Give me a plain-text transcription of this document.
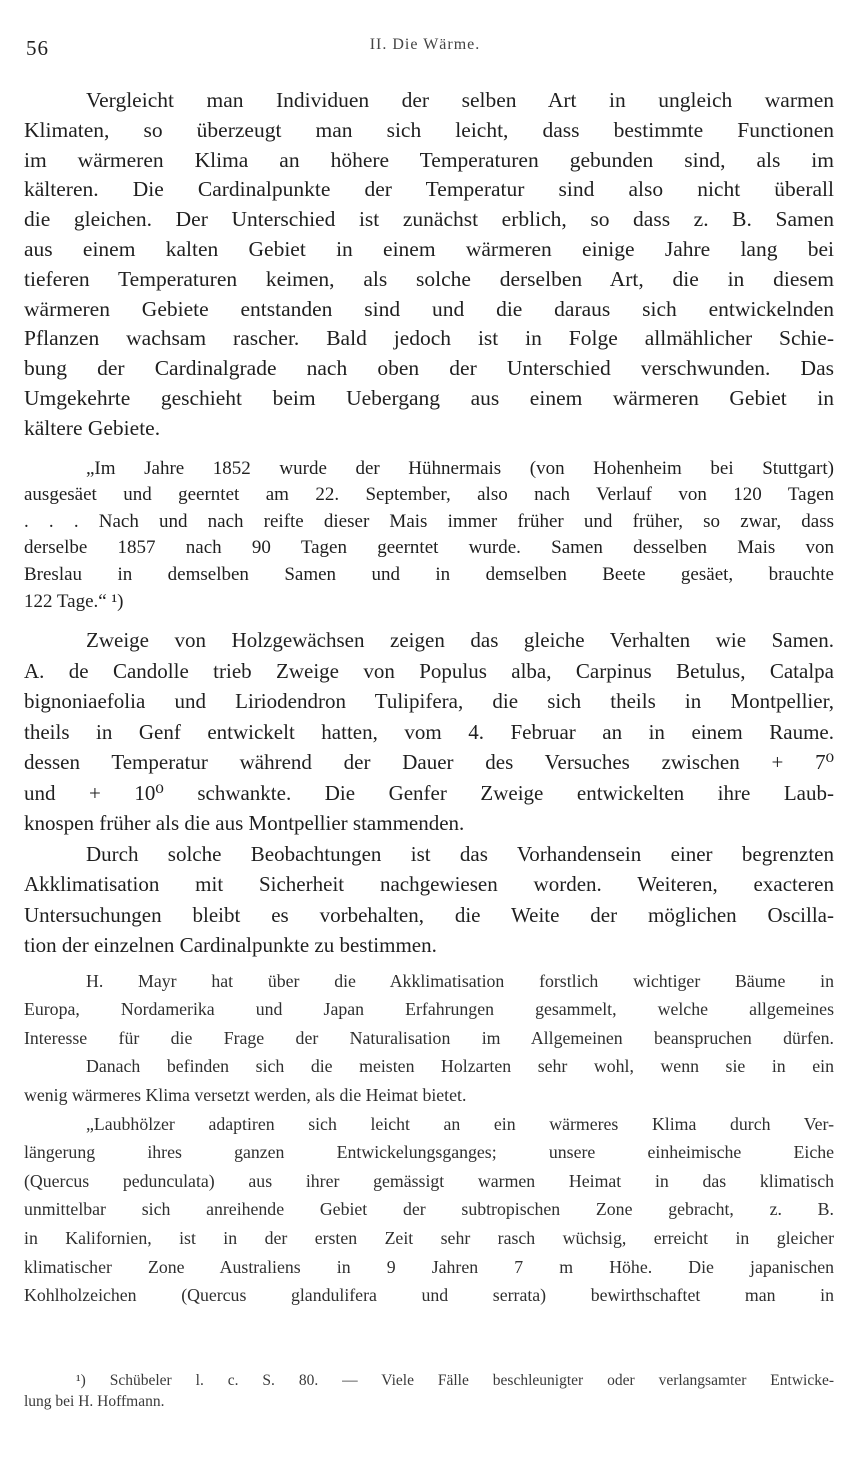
56	II. Die Wärme.
Vergleicht man Individuen der selben Art in ungleich warmen
Klimaten, so überzeugt man sich leicht, dass bestimmte Functionen
im wärmeren Klima an höhere Temperaturen gebunden sind, als im
kälteren. Die Cardinalpunkte der Temperatur sind also nicht überall
die gleichen. Der Unterschied ist zunächst erblich, so dass z. B. Samen
aus einem kalten Gebiet in einem wärmeren einige Jahre lang bei
tieferen Temperaturen keimen, als solche derselben Art, die in diesem
wärmeren Gebiete entstanden sind und die daraus sich entwickelnden
Pflanzen wachsam rascher. Bald jedoch ist in Folge allmählicher Schie-
bung der Cardinalgrade nach oben der Unterschied verschwunden. Das
Umgekehrte geschieht beim Uebergang aus einem wärmeren Gebiet in
kältere Gebiete.
„Im Jahre 1852 wurde der Hühnermais (von Hohenheim bei Stuttgart)
ausgesäet und geerntet am 22. September, also nach Verlauf von 120 Tagen
. . . Nach und nach reifte dieser Mais immer früher und früher, so zwar, dass
derselbe 1857 nach 90 Tagen geerntet wurde. Samen desselben Mais von
Breslau in demselben Samen und in demselben Beete gesäet, brauchte
122 Tage.“ ¹)
Zweige von Holzgewächsen zeigen das gleiche Verhalten wie Samen.
A. de Candolle trieb Zweige von Populus alba, Carpinus Betulus, Catalpa
bignoniaefolia und Liriodendron Tulipifera, die sich theils in Montpellier,
theils in Genf entwickelt hatten, vom 4. Februar an in einem Raume.
dessen Temperatur während der Dauer des Versuches zwischen + 7⁰
und + 10⁰ schwankte. Die Genfer Zweige entwickelten ihre Laub-
knospen früher als die aus Montpellier stammenden.
Durch solche Beobachtungen ist das Vorhandensein einer begrenzten
Akklimatisation mit Sicherheit nachgewiesen worden. Weiteren, exacteren
Untersuchungen bleibt es vorbehalten, die Weite der möglichen Oscilla-
tion der einzelnen Cardinalpunkte zu bestimmen.
H. Mayr hat über die Akklimatisation forstlich wichtiger Bäume in
Europa, Nordamerika und Japan Erfahrungen gesammelt, welche allgemeines
Interesse für die Frage der Naturalisation im Allgemeinen beanspruchen dürfen.
Danach befinden sich die meisten Holzarten sehr wohl, wenn sie in ein
wenig wärmeres Klima versetzt werden, als die Heimat bietet.
„Laubhölzer adaptiren sich leicht an ein wärmeres Klima durch Ver-
längerung ihres ganzen Entwickelungsganges; unsere einheimische Eiche
(Quercus pedunculata) aus ihrer gemässigt warmen Heimat in das klimatisch
unmittelbar sich anreihende Gebiet der subtropischen Zone gebracht, z. B.
in Kalifornien, ist in der ersten Zeit sehr rasch wüchsig, erreicht in gleicher
klimatischer Zone Australiens in 9 Jahren 7 m Höhe. Die japanischen
Kohlholzeichen (Quercus glandulifera und serrata) bewirthschaftet man in
¹) Schübeler l. c. S. 80. — Viele Fälle beschleunigter oder verlangsamter Entwicke-
lung bei H. Hoffmann.
